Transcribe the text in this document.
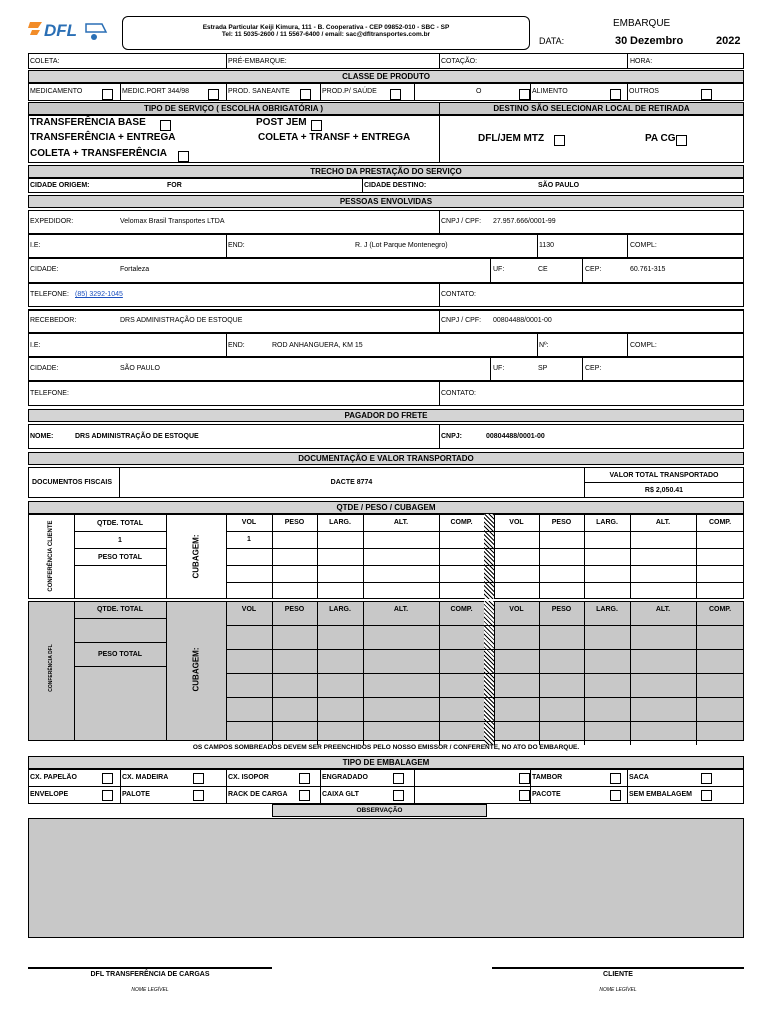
DFL	Estrada Particular Keiji Kimura, 111 - B. Cooperativa - CEP 09852-010 - SBC - SP
Tel: 11 5035-2600 / 11 5567-6400 / email: sac@dfltransportes.com.br
EMBARQUE
DATA:	30 Dezembro	2022
COLETA:	PRÉ-EMBARQUE:	COTAÇÃO:	HORA:
CLASSE DE PRODUTO
MEDICAMENTO	MEDIC.PORT 344/98	PROD. SANEANTE	PROD.P/ SAÚDE	O	ALIMENTO	OUTROS
TIPO DE SERVIÇO ( ESCOLHA OBRIGATÓRIA )	DESTINO SÃO SELECIONAR LOCAL DE RETIRADA
TRANSFERÊNCIA BASE	POST JEM
TRANSFERÊNCIA + ENTREGA	COLETA + TRANSF + ENTREGA
COLETA + TRANSFERÊNCIA
DFL/JEM MTZ	PA CG
TRECHO DA PRESTAÇÃO DO SERVIÇO
CIDADE ORIGEM:	FOR	CIDADE DESTINO:	SÃO PAULO
PESSOAS ENVOLVIDAS
EXPEDIDOR:	Velomax Brasil Transportes LTDA	CNPJ / CPF: 27.957.666/0001-99
I.E:	END:	R. J (Lot Parque Montenegro)	1130	COMPL:
CIDADE:	Fortaleza	UF:	CE	CEP:	60.761-315
TELEFONE: (85) 3292-1045	CONTATO:
RECEBEDOR:	DRS ADMINISTRAÇÃO DE ESTOQUE	CNPJ / CPF: 00804488/0001-00
I.E:	END:	ROD ANHANGUERA, KM 15	Nº:	COMPL:
CIDADE:	SÃO PAULO	UF:	SP	CEP:
TELEFONE:	CONTATO:
PAGADOR DO FRETE
NOME:	DRS ADMINISTRAÇÃO DE ESTOQUE	CNPJ:	00804488/0001-00
DOCUMENTAÇÃO E VALOR TRANSPORTADO
DOCUMENTOS FISCAIS	DACTE 8774
VALOR TOTAL TRANSPORTADO
R$ 2,050.41
QTDE / PESO / CUBAGEM
CONFERÊNCIA CLIENTE	QTDE. TOTAL
1
PESO TOTAL	CUBAGEM:
VOL	PESO	LARG.	ALT.	COMP.	VOL	PESO	LARG.	ALT.	COMP.
1
CONFERÊNCIA DFL
QTDE. TOTAL
PESO TOTAL	CUBAGEM:
VOL	PESO	LARG.	ALT.	COMP.	VOL	PESO	LARG.	ALT.	COMP.
OS CAMPOS SOMBREADOS DEVEM SER PREENCHIDOS PELO NOSSO EMISSOR / CONFERENTE, NO ATO DO EMBARQUE.
TIPO DE EMBALAGEM
CX. PAPELÃO	CX. MADEIRA	CX. ISOPOR	ENGRADADO	TAMBOR	SACA
ENVELOPE	PALOTE	RACK DE CARGA	CAIXA GLT	PACOTE	SEM EMBALAGEM
OBSERVAÇÃO
DFL TRANSFERÊNCIA DE CARGAS
NOME LEGÍVEL
CLIENTE
NOME LEGÍVEL
